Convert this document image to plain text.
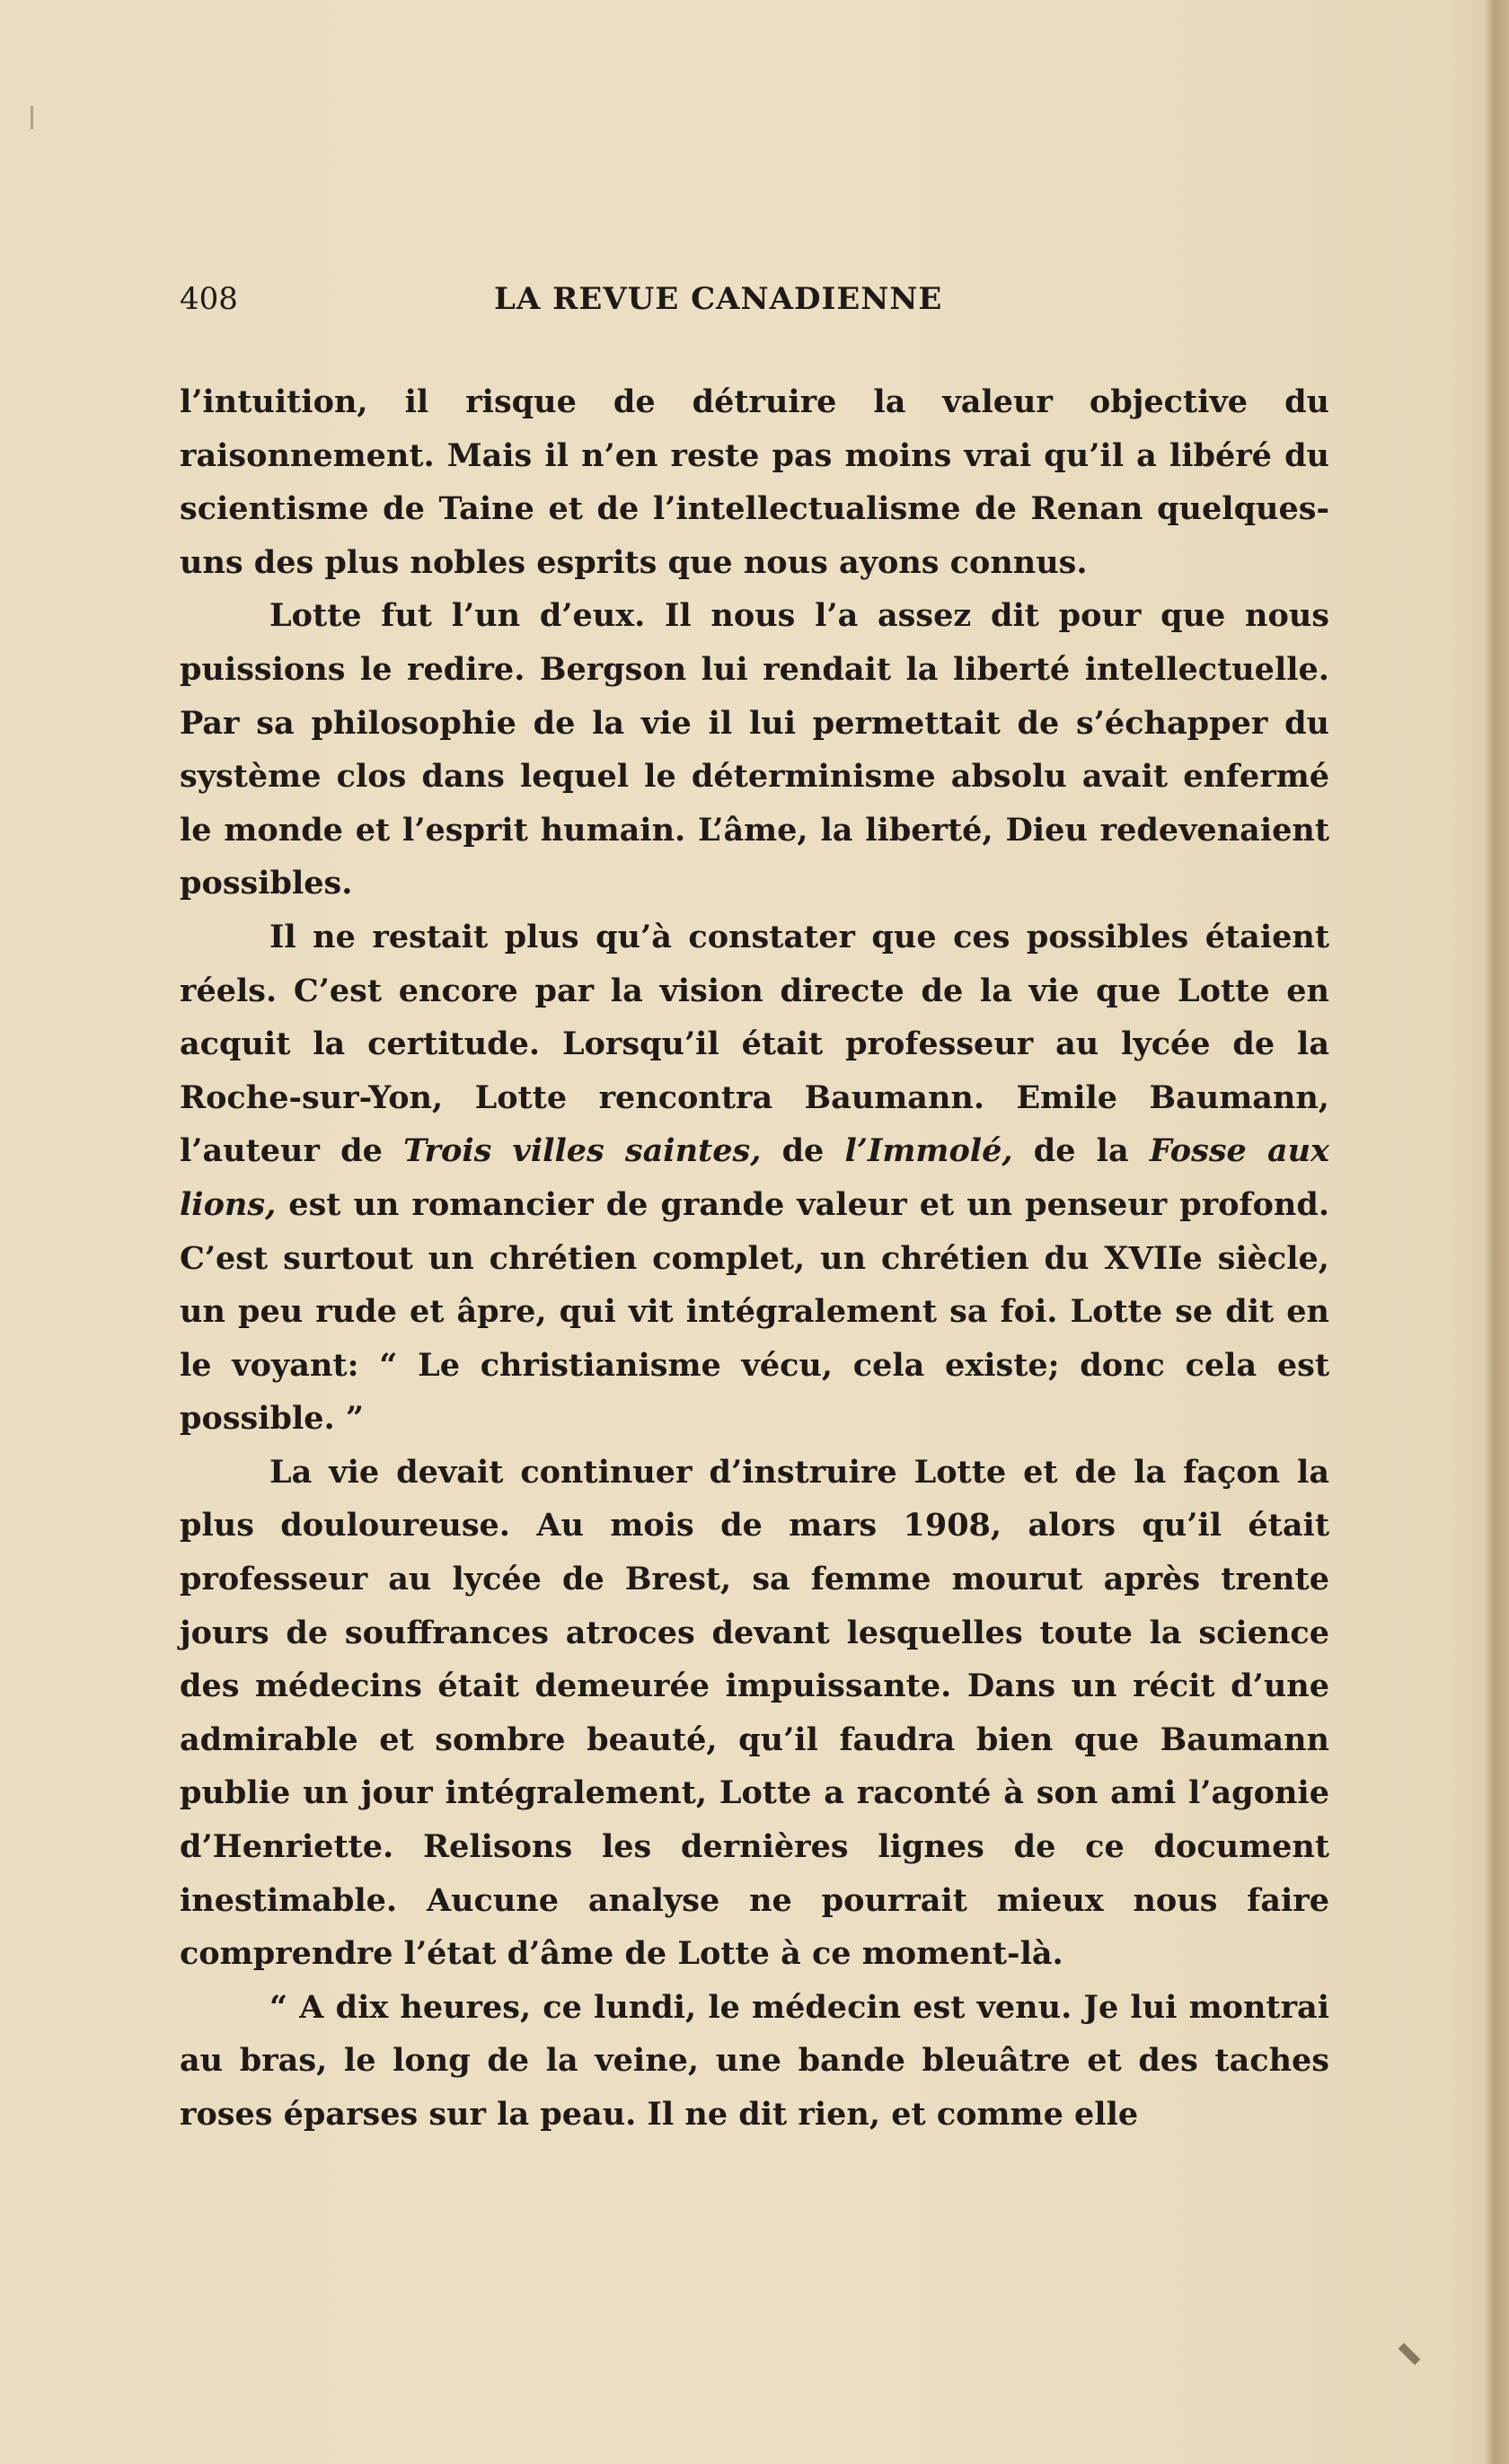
408	LA REVUE CANADIENNE

l’intuition, il risque de détruire la valeur objective du raisonnement. Mais il n’en reste pas moins vrai qu’il a libéré du scientisme de Taine et de l’intellectualisme de Renan quelques-uns des plus nobles esprits que nous ayons connus.

Lotte fut l’un d’eux. Il nous l’a assez dit pour que nous puissions le redire. Bergson lui rendait la liberté intellectuelle. Par sa philosophie de la vie il lui permettait de s’échapper du système clos dans lequel le déterminisme absolu avait enfermé le monde et l’esprit humain. L’âme, la liberté, Dieu redevenaient possibles.

Il ne restait plus qu’à constater que ces possibles étaient réels. C’est encore par la vision directe de la vie que Lotte en acquit la certitude. Lorsqu’il était professeur au lycée de la Roche-sur-Yon, Lotte rencontra Baumann. Emile Baumann, l’auteur de Trois villes saintes, de l’Immolé, de la Fosse aux lions, est un romancier de grande valeur et un penseur profond. C’est surtout un chrétien complet, un chrétien du XVIIe siècle, un peu rude et âpre, qui vit intégralement sa foi. Lotte se dit en le voyant: “ Le christianisme vécu, cela existe; donc cela est possible. ”

La vie devait continuer d’instruire Lotte et de la façon la plus douloureuse. Au mois de mars 1908, alors qu’il était professeur au lycée de Brest, sa femme mourut après trente jours de souffrances atroces devant lesquelles toute la science des médecins était demeurée impuissante. Dans un récit d’une admirable et sombre beauté, qu’il faudra bien que Baumann publie un jour intégralement, Lotte a raconté à son ami l’agonie d’Henriette. Relisons les dernières lignes de ce document inestimable. Aucune analyse ne pourrait mieux nous faire comprendre l’état d’âme de Lotte à ce moment-là.

“ A dix heures, ce lundi, le médecin est venu. Je lui montrai au bras, le long de la veine, une bande bleuâtre et des taches roses éparses sur la peau. Il ne dit rien, et comme elle
